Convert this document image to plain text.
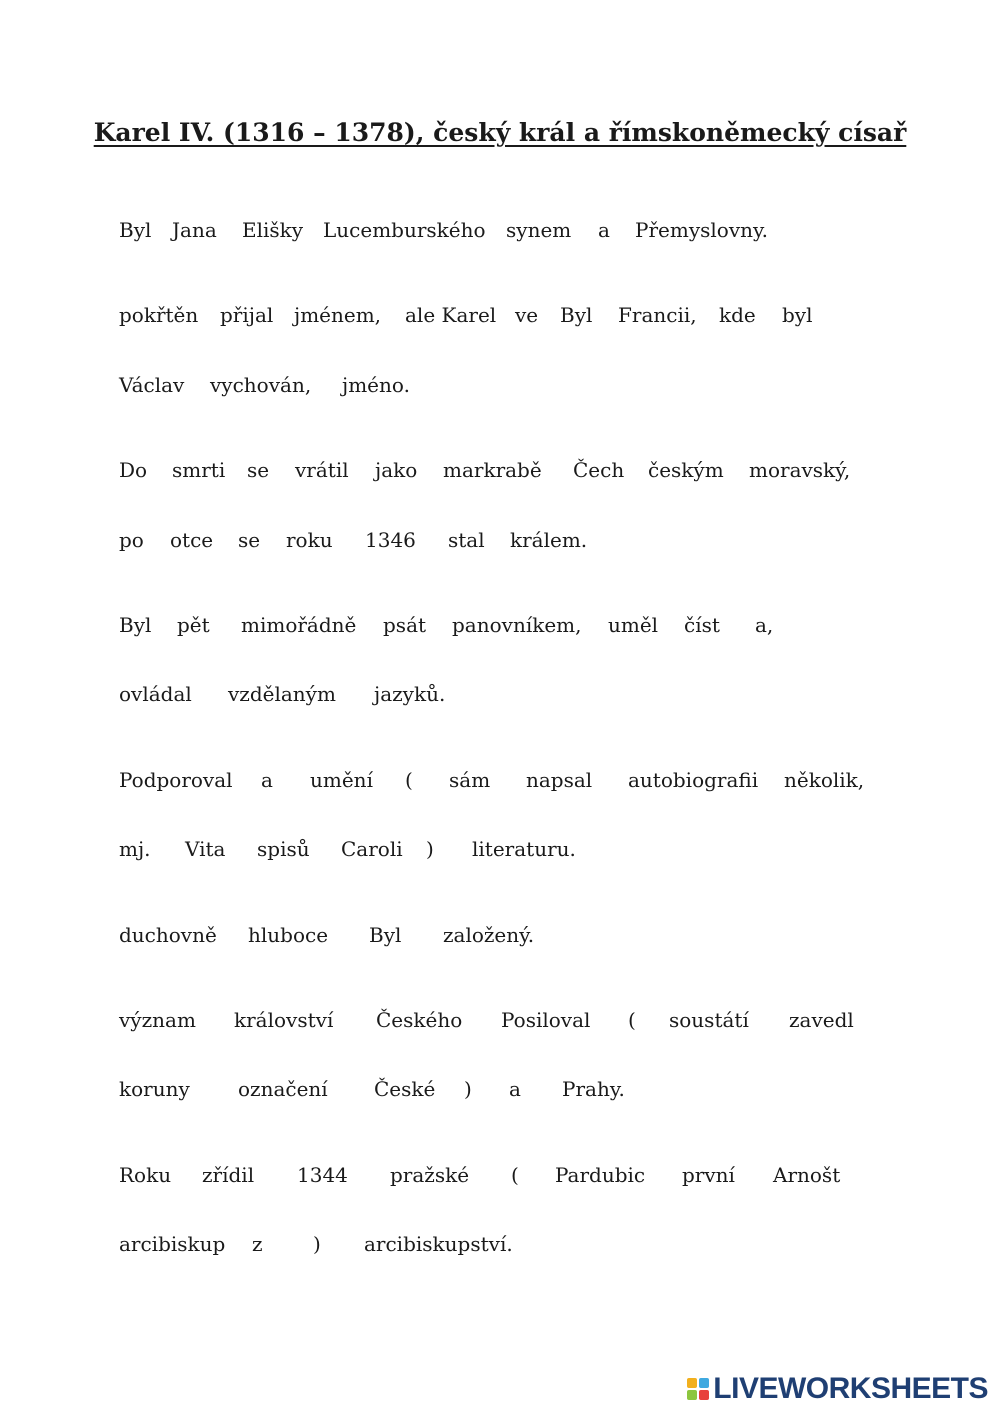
Karel IV. (1316 – 1378), český král a římskoněmecký císař
Byl Jana Elišky Lucemburského synem a Přemyslovny.
pokřtěn přijal jménem, ale Karel ve Byl Francii, kde byl
Václav vychován, jméno.
Do smrti se vrátil jako markrabě Čech českým moravský,
po otce se roku 1346 stal králem.
Byl pět mimořádně psát panovníkem, uměl číst a,
ovládal vzdělaným jazyků.
Podporoval a umění ( sám napsal autobiografii několik,
mj. Vita spisů Caroli ) literaturu.
duchovně hluboce Byl založený.
význam království Českého Posiloval ( soustátí zavedl
koruny označení České ) a Prahy.
Roku zřídil 1344 pražské ( Pardubic první Arnošt
arcibiskup z	) arcibiskupství.
LIVEWORKSHEETS
